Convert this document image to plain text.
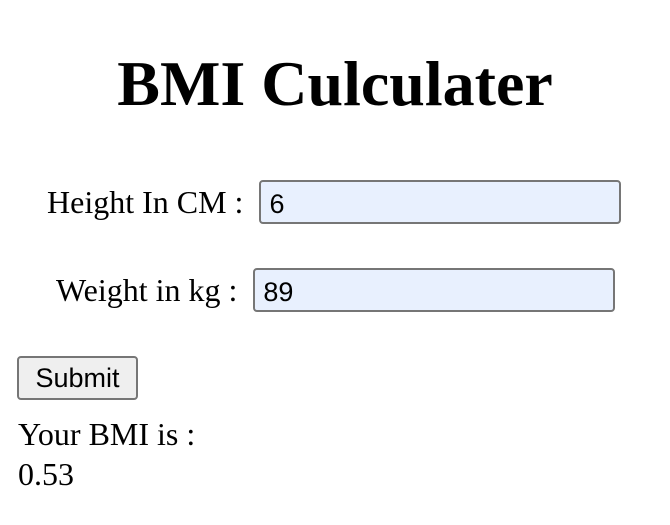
BMI Culculater
Height In CM :
6
Weight in kg :
89
Submit
Your BMI is :
0.53
